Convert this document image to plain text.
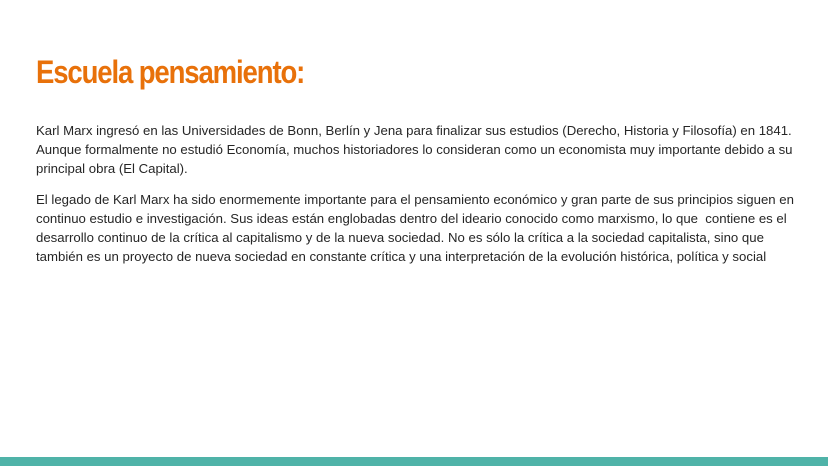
Escuela pensamiento:

Karl Marx ingresó en las Universidades de Bonn, Berlín y Jena para finalizar sus estudios (Derecho, Historia y Filosofía) en 1841. Aunque formalmente no estudió Economía, muchos historiadores lo consideran como un economista muy importante debido a su principal obra (El Capital).

El legado de Karl Marx ha sido enormemente importante para el pensamiento económico y gran parte de sus principios siguen en continuo estudio e investigación. Sus ideas están englobadas dentro del ideario conocido como marxismo, lo que  contiene es el desarrollo continuo de la crítica al capitalismo y de la nueva sociedad. No es sólo la crítica a la sociedad capitalista, sino que también es un proyecto de nueva sociedad en constante crítica y una interpretación de la evolución histórica, política y social
